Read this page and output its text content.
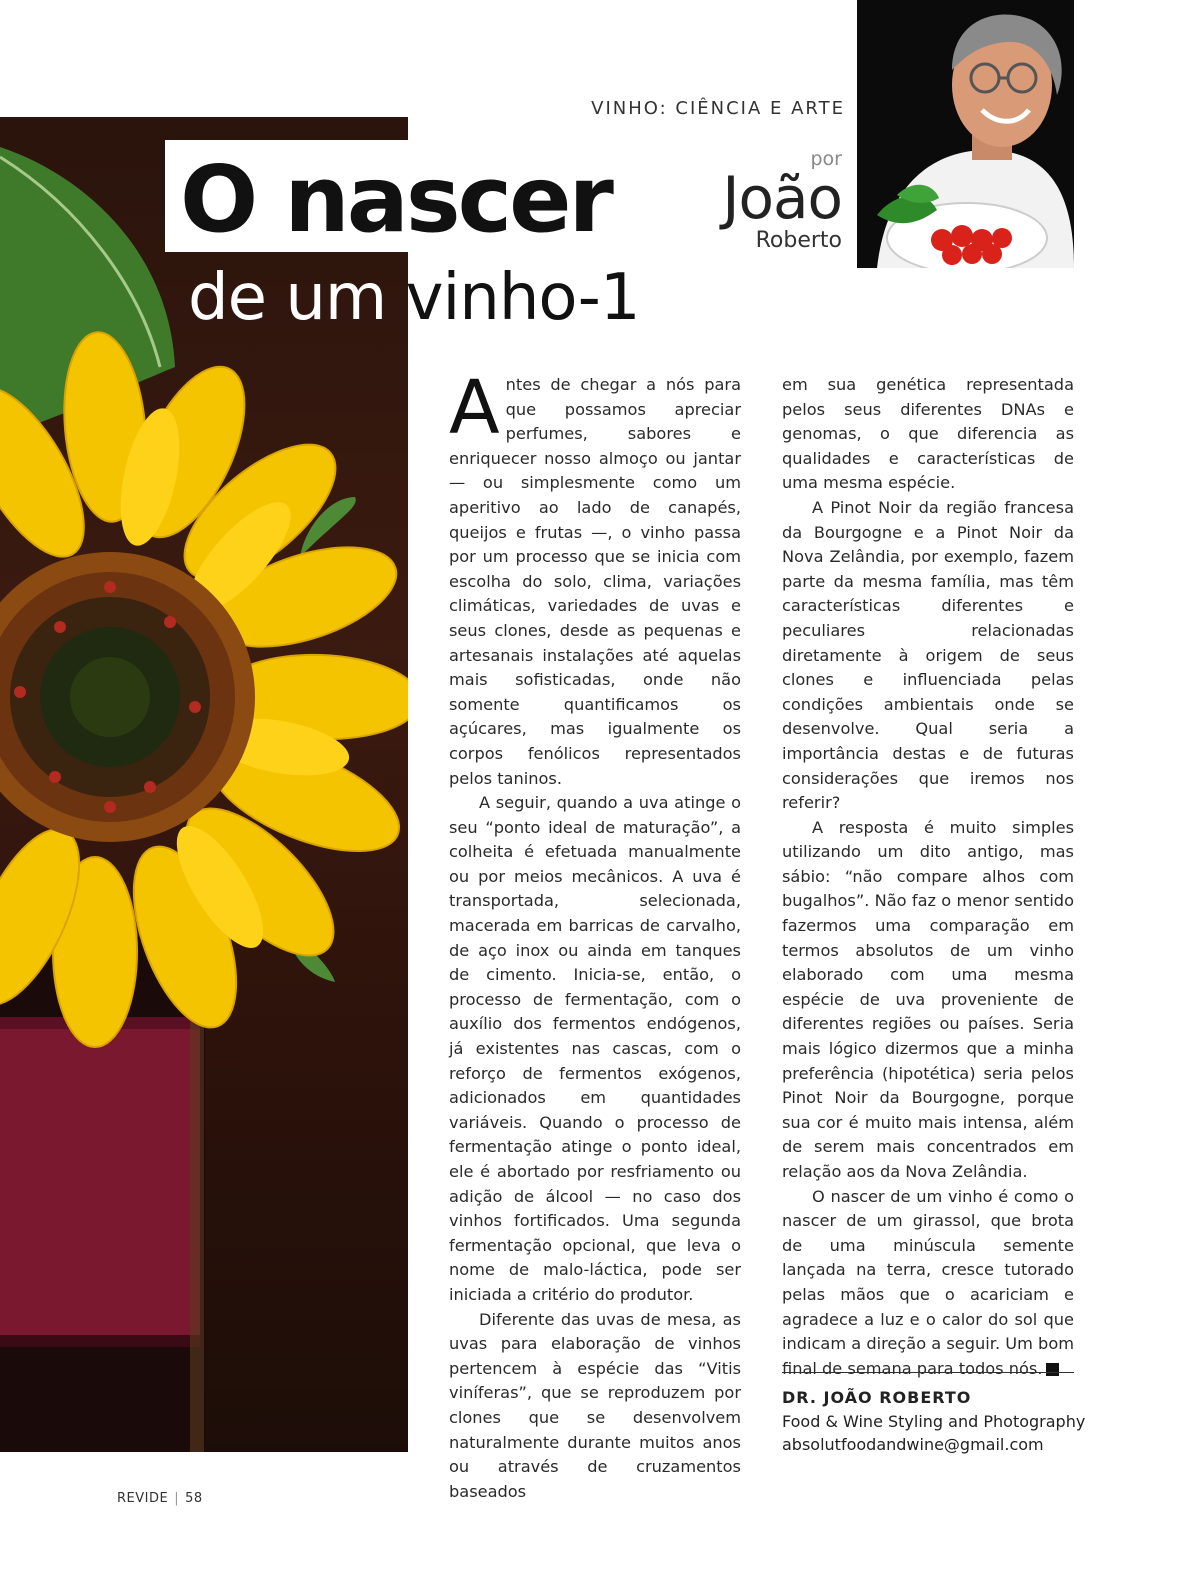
VINHO: CIÊNCIA E ARTE
O nascer
de um vinho-1
por
João
Roberto

Antes de chegar a nós para que possamos apreciar perfumes, sabores e enriquecer nosso almoço ou jantar — ou simplesmente como um aperitivo ao lado de canapés, queijos e frutas —, o vinho passa por um processo que se inicia com escolha do solo, clima, variações climáticas, variedades de uvas e seus clones, desde as pequenas e artesanais instalações até aquelas mais sofisticadas, onde não somente quantificamos os açúcares, mas igualmente os corpos fenólicos representados pelos taninos.

A seguir, quando a uva atinge o seu “ponto ideal de maturação”, a colheita é efetuada manualmente ou por meios mecânicos. A uva é transportada, selecionada, macerada em barricas de carvalho, de aço inox ou ainda em tanques de cimento. Inicia-se, então, o processo de fermentação, com o auxílio dos fermentos endógenos, já existentes nas cascas, com o reforço de fermentos exógenos, adicionados em quantidades variáveis. Quando o processo de fermentação atinge o ponto ideal, ele é abortado por resfriamento ou adição de álcool — no caso dos vinhos fortificados. Uma segunda fermentação opcional, que leva o nome de malo-láctica, pode ser iniciada a critério do produtor.

Diferente das uvas de mesa, as uvas para elaboração de vinhos pertencem à espécie das “Vitis viníferas”, que se reproduzem por clones que se desenvolvem naturalmente durante muitos anos ou através de cruzamentos baseados

em sua genética representada pelos seus diferentes DNAs e genomas, o que diferencia as qualidades e características de uma mesma espécie.

A Pinot Noir da região francesa da Bourgogne e a Pinot Noir da Nova Zelândia, por exemplo, fazem parte da mesma família, mas têm características diferentes e peculiares relacionadas diretamente à origem de seus clones e influenciada pelas condições ambientais onde se desenvolve. Qual seria a importância destas e de futuras considerações que iremos nos referir?

A resposta é muito simples utilizando um dito antigo, mas sábio: “não compare alhos com bugalhos”. Não faz o menor sentido fazermos uma comparação em termos absolutos de um vinho elaborado com uma mesma espécie de uva proveniente de diferentes regiões ou países. Seria mais lógico dizermos que a minha preferência (hipotética) seria pelos Pinot Noir da Bourgogne, porque sua cor é muito mais intensa, além de serem mais concentrados em relação aos da Nova Zelândia.

O nascer de um vinho é como o nascer de um girassol, que brota de uma minúscula semente lançada na terra, cresce tutorado pelas mãos que o acariciam e agradece a luz e o calor do sol que indicam a direção a seguir. Um bom final de semana para todos nós.	r

DR. JOÃO ROBERTO
Food & Wine Styling and Photography
absolutfoodandwine@gmail.com
REVIDE | 58
